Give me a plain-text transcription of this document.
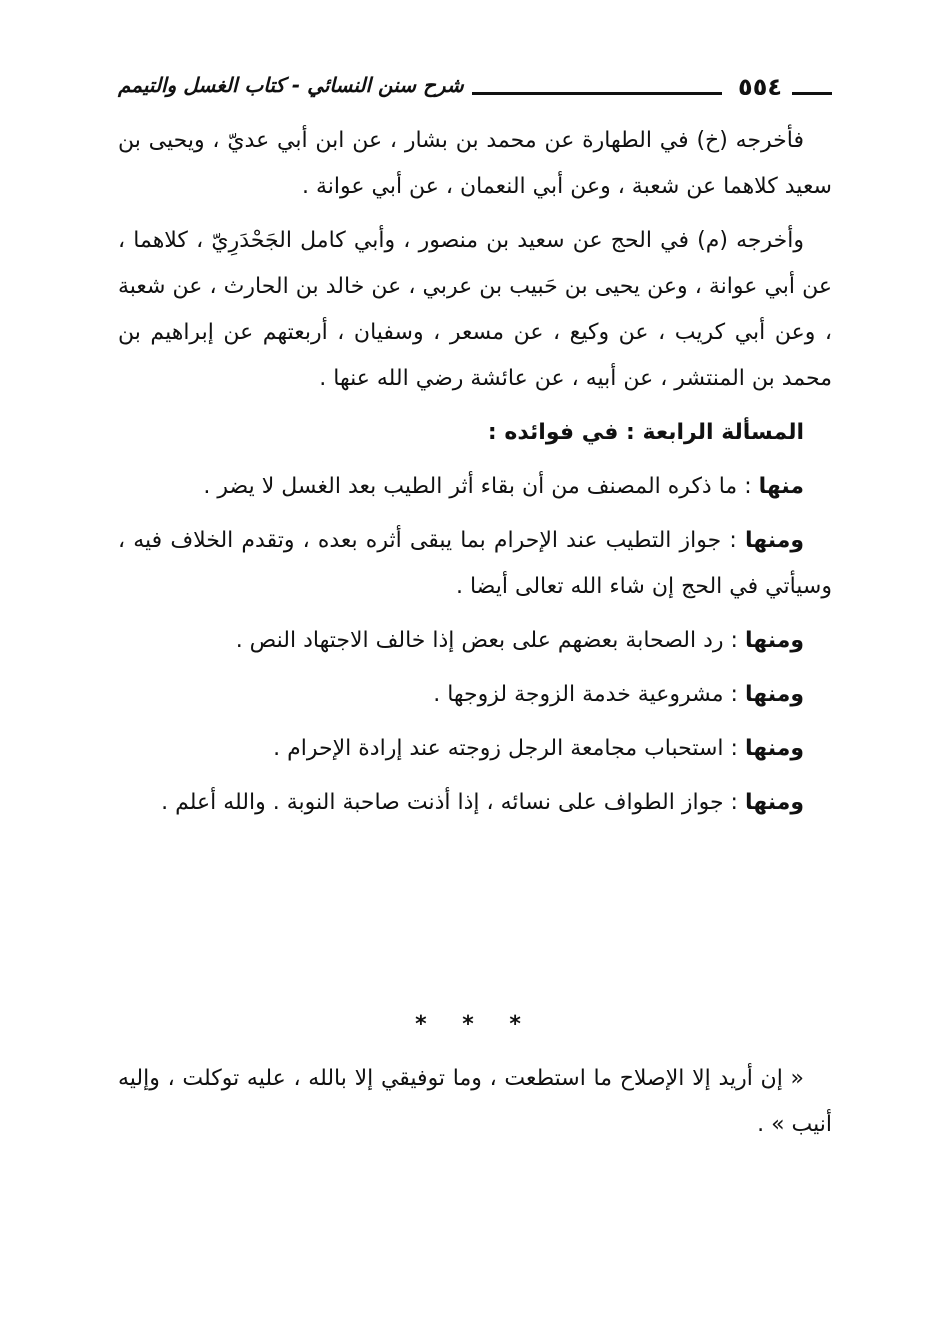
٥٥٤
شرح سنن النسائي - كتاب الغسل والتيمم

فأخرجه (خ) في الطهارة عن محمد بن بشار ، عن ابن أبي عديّ ، ويحيى بن سعيد كلاهما عن شعبة ، وعن أبي النعمان ، عن أبي عوانة .

وأخرجه (م) في الحج عن سعيد بن منصور ، وأبي كامل الجَحْدَرِيّ ، كلاهما ، عن أبي عوانة ، وعن يحيى بن حَبيب بن عربي ، عن خالد بن الحارث ، عن شعبة ، وعن أبي كريب ، عن وكيع ، عن مسعر ، وسفيان ، أربعتهم عن إبراهيم بن محمد بن المنتشر ، عن أبيه ، عن عائشة رضي الله عنها .

المسألة الرابعة : في فوائده :

منها : ما ذكره المصنف من أن بقاء أثر الطيب بعد الغسل لا يضر .

ومنها : جواز التطيب عند الإحرام بما يبقى أثره بعده ، وتقدم الخلاف فيه ، وسيأتي في الحج إن شاء الله تعالى أيضا .

ومنها : رد الصحابة بعضهم على بعض إذا خالف الاجتهاد النص .

ومنها : مشروعية خدمة الزوجة لزوجها .

ومنها : استحباب مجامعة الرجل زوجته عند إرادة الإحرام .

ومنها : جواز الطواف على نسائه ، إذا أذنت صاحبة النوبة . والله أعلم .

* * *
« إن أريد إلا الإصلاح ما استطعت ، وما توفيقي إلا بالله ، عليه توكلت ، وإليه أنيب » .
